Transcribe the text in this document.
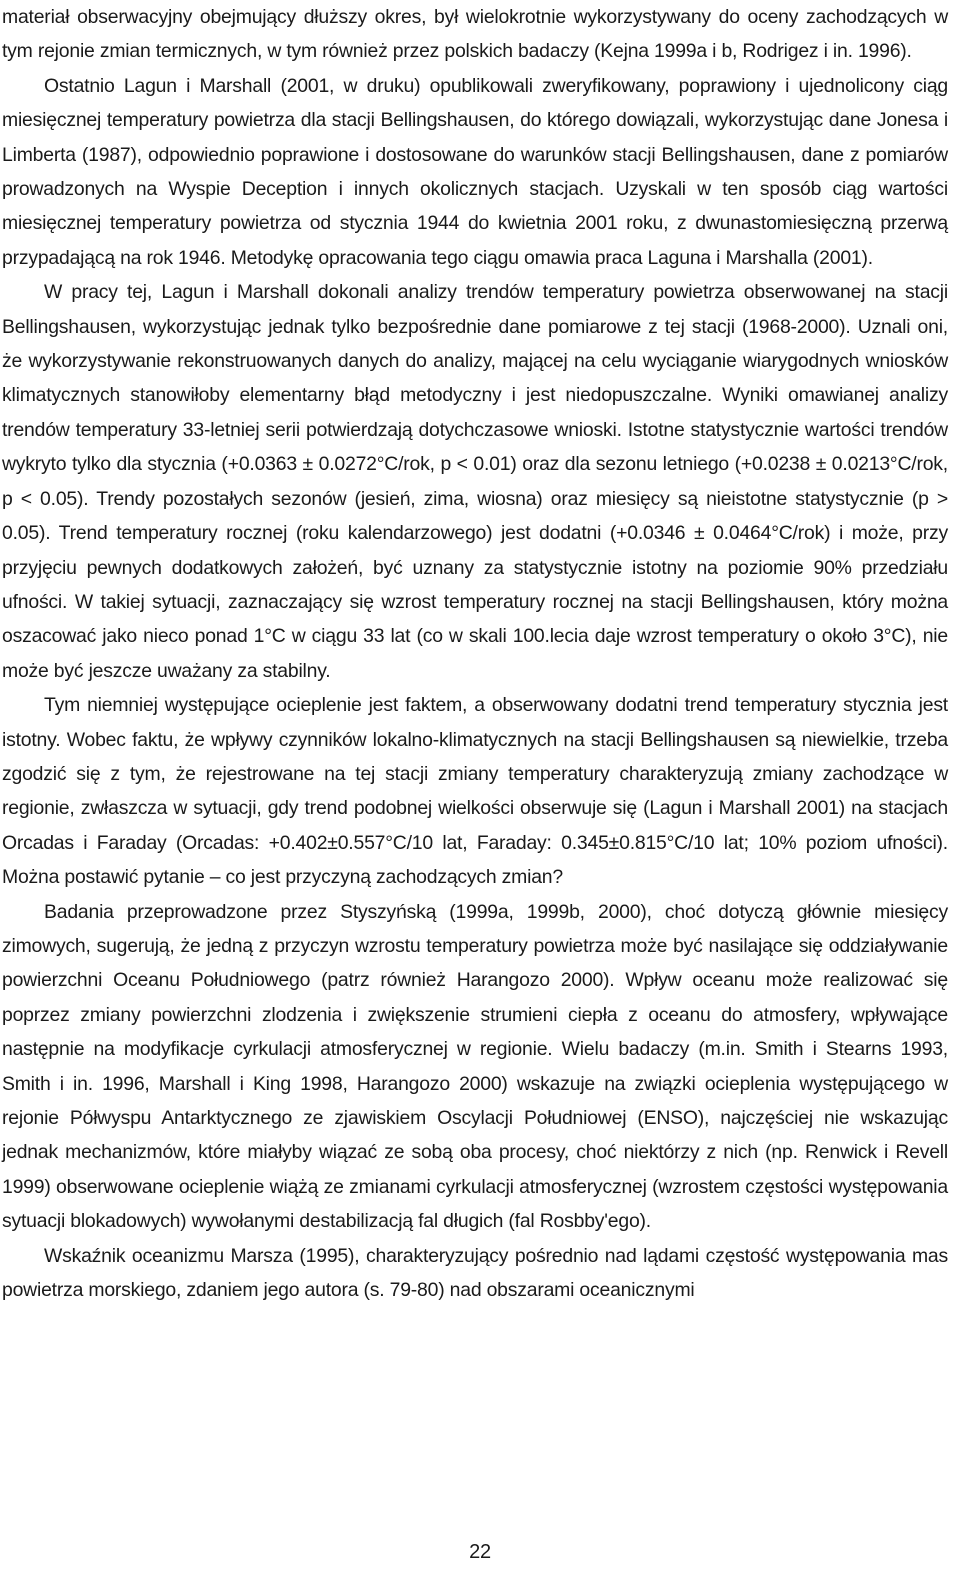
materiał obserwacyjny obejmujący dłuższy okres, był wielokrotnie wykorzystywany do oceny zachodzących w tym rejonie zmian termicznych, w tym również przez polskich badaczy (Kejna 1999a i b, Rodrigez i in. 1996).

Ostatnio Lagun i Marshall (2001, w druku) opublikowali zweryfikowany, poprawiony i ujednolicony ciąg miesięcznej temperatury powietrza dla stacji Bellingshausen, do którego dowiązali, wykorzystując dane Jonesa i Limberta (1987), odpowiednio poprawione i dostosowane do warunków stacji Bellingshausen, dane z pomiarów prowadzonych na Wyspie Deception i innych okolicznych stacjach. Uzyskali w ten sposób ciąg wartości miesięcznej temperatury powietrza od stycznia 1944 do kwietnia 2001 roku, z dwunastomiesięczną przerwą przypadającą na rok 1946. Metodykę opracowania tego ciągu omawia praca Laguna i Marshalla (2001).

W pracy tej, Lagun i Marshall dokonali analizy trendów temperatury powietrza obserwowanej na stacji Bellingshausen, wykorzystując jednak tylko bezpośrednie dane pomiarowe z tej stacji (1968-2000). Uznali oni, że wykorzystywanie rekonstruowanych danych do analizy, mającej na celu wyciąganie wiarygodnych wniosków klimatycznych stanowiłoby elementarny błąd metodyczny i jest niedopuszczalne. Wyniki omawianej analizy trendów temperatury 33-letniej serii potwierdzają dotychczasowe wnioski. Istotne statystycznie wartości trendów wykryto tylko dla stycznia (+0.0363 ± 0.0272°C/rok, p < 0.01) oraz dla sezonu letniego (+0.0238 ± 0.0213°C/rok, p < 0.05). Trendy pozostałych sezonów (jesień, zima, wiosna) oraz miesięcy są nieistotne statystycznie (p > 0.05). Trend temperatury rocznej (roku kalendarzowego) jest dodatni (+0.0346 ± 0.0464°C/rok) i może, przy przyjęciu pewnych dodatkowych założeń, być uznany za statystycznie istotny na poziomie 90% przedziału ufności. W takiej sytuacji, zaznaczający się wzrost temperatury rocznej na stacji Bellingshausen, który można oszacować jako nieco ponad 1°C w ciągu 33 lat (co w skali 100.lecia daje wzrost temperatury o około 3°C), nie może być jeszcze uważany za stabilny.

Tym niemniej występujące ocieplenie jest faktem, a obserwowany dodatni trend temperatury stycznia jest istotny. Wobec faktu, że wpływy czynników lokalno-klimatycznych na stacji Bellingshausen są niewielkie, trzeba zgodzić się z tym, że rejestrowane na tej stacji zmiany temperatury charakteryzują zmiany zachodzące w regionie, zwłaszcza w sytuacji, gdy trend podobnej wielkości obserwuje się (Lagun i Marshall 2001) na stacjach Orcadas i Faraday (Orcadas: +0.402±0.557°C/10 lat, Faraday: 0.345±0.815°C/10 lat; 10% poziom ufności). Można postawić pytanie – co jest przyczyną zachodzących zmian?

Badania przeprowadzone przez Styszyńską (1999a, 1999b, 2000), choć dotyczą głównie miesięcy zimowych, sugerują, że jedną z przyczyn wzrostu temperatury powietrza może być nasilające się oddziaływanie powierzchni Oceanu Południowego (patrz również Harangozo 2000). Wpływ oceanu może realizować się poprzez zmiany powierzchni zlodzenia i zwiększenie strumieni ciepła z oceanu do atmosfery, wpływające następnie na modyfikacje cyrkulacji atmosferycznej w regionie. Wielu badaczy (m.in. Smith i Stearns 1993, Smith i in. 1996, Marshall i King 1998, Harangozo 2000) wskazuje na związki ocieplenia występującego w rejonie Półwyspu Antarktycznego ze zjawiskiem Oscylacji Południowej (ENSO), najczęściej nie wskazując jednak mechanizmów, które miałyby wiązać ze sobą oba procesy, choć niektórzy z nich (np. Renwick i Revell 1999) obserwowane ocieplenie wiążą ze zmianami cyrkulacji atmosferycznej (wzrostem częstości występowania sytuacji blokadowych) wywołanymi destabilizacją fal długich (fal Rosbby'ego).

Wskaźnik oceanizmu Marsza (1995), charakteryzujący pośrednio nad lądami częstość występowania mas powietrza morskiego, zdaniem jego autora (s. 79-80) nad obszarami oceanicznymi

22
